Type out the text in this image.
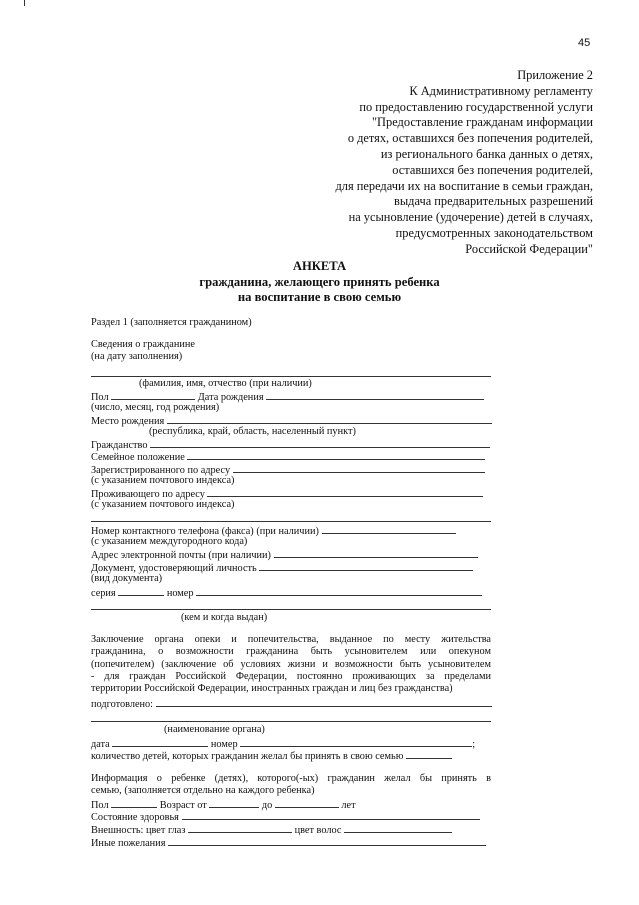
45
Приложение 2
К Административному регламенту
по предоставлению государственной услуги
"Предоставление гражданам информации
о детях, оставшихся без попечения родителей,
из регионального банка данных о детях,
оставшихся без попечения родителей,
для передачи их на воспитание в семьи граждан,
выдача предварительных разрешений
на усыновление (удочерение) детей в случаях,
предусмотренных законодательством
Российской Федерации"
АНКЕТА
гражданина, желающего принять ребенка
на воспитание в свою семью
Раздел 1 (заполняется гражданином)
Сведения о гражданине
(на дату заполнения)
(фамилия, имя, отчество (при наличии)
Пол	Дата рождения
(число, месяц, год рождения)
Место рождения
(республика, край, область, населенный пункт)
Гражданство
Семейное положение
Зарегистрированного по адресу
(с указанием почтового индекса)
Проживающего по адресу
(с указанием почтового индекса)
Номер контактного телефона (факса) (при наличии)
(с указанием междугородного кода)
Адрес электронной почты (при наличии)
Документ, удостоверяющий личность
(вид документа)
серия	номер
(кем и когда выдан)
Заключение органа опеки и попечительства, выданное по месту жительства
гражданина, о возможности гражданина быть усыновителем или опекуном
(попечителем) (заключение об условиях жизни и возможности быть усыновителем
- для граждан Российской Федерации, постоянно проживающих за пределами
территории Российской Федерации, иностранных граждан и лиц без гражданства)
подготовлено:
(наименование органа)
дата	номер	;
количество детей, которых гражданин желал бы принять в свою семью
Информация о ребенке (детях), которого(-ых) гражданин желал бы принять в
семью, (заполняется отдельно на каждого ребенка)
Пол	Возраст от	до	лет
Состояние здоровья
Внешность: цвет глаз	цвет волос
Иные пожелания
